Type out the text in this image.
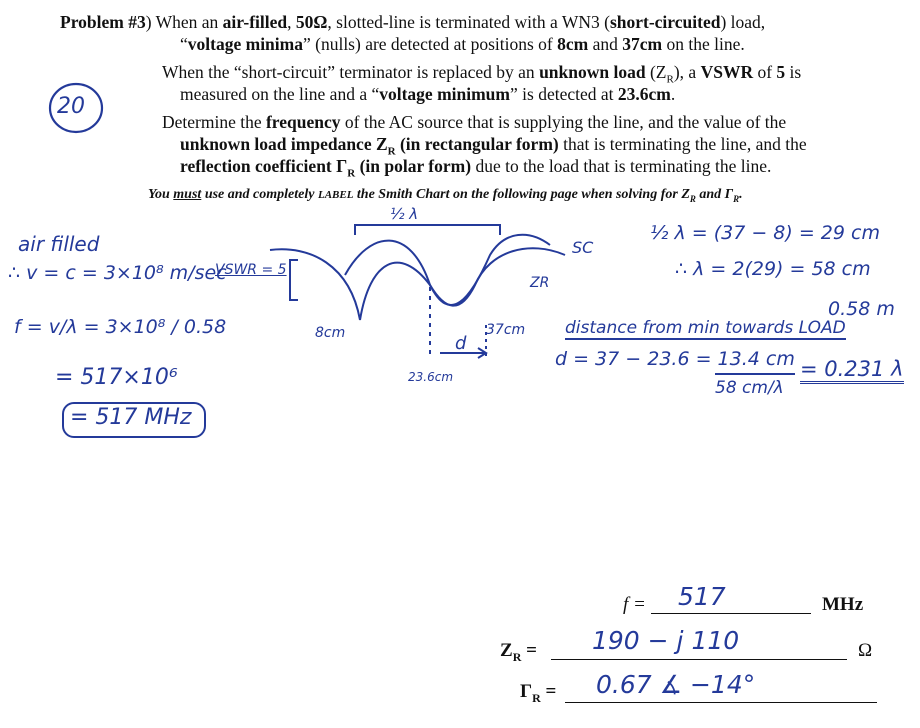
Problem #3) When an air-filled, 50Ω, slotted-line is terminated with a WN3 (short-circuited) load,
“voltage minima” (nulls) are detected at positions of 8cm and 37cm on the line.
When the “short-circuit” terminator is replaced by an unknown load $(Z_R)$, a VSWR of 5 is
measured on the line and a “voltage minimum” is detected at 23.6cm.
Determine the frequency of the AC source that is supplying the line, and the value of the
unknown load impedance $Z_R$ (in rectangular form) that is terminating the line, and the
reflection coefficient $\Gamma_R$ (in polar form) due to the load that is terminating the line.
You must use and completely LABEL the Smith Chart on the following page when solving for $Z_R$ and $\Gamma_R$.
20
½ λ
air filled
∴ v = c = 3×10⁸ m/sec
f = v/λ = 3×10⁸ / 0.58
= 517×10⁶
= 517 MHz
VSWR = 5
SC
ZR
8cm	d
37cm
23.6cm
½ λ = (37 − 8) = 29 cm
∴ λ = 2(29) = 58 cm
0.58 m
distance from min towards LOAD
d = 37 − 23.6 = 13.4 cm
58 cm/λ
= 0.231 λ
f = 517	MHz
$Z_R = 190 - j$ 110	Ω
$\Gamma_R = 0.67$ ∡ −14°
